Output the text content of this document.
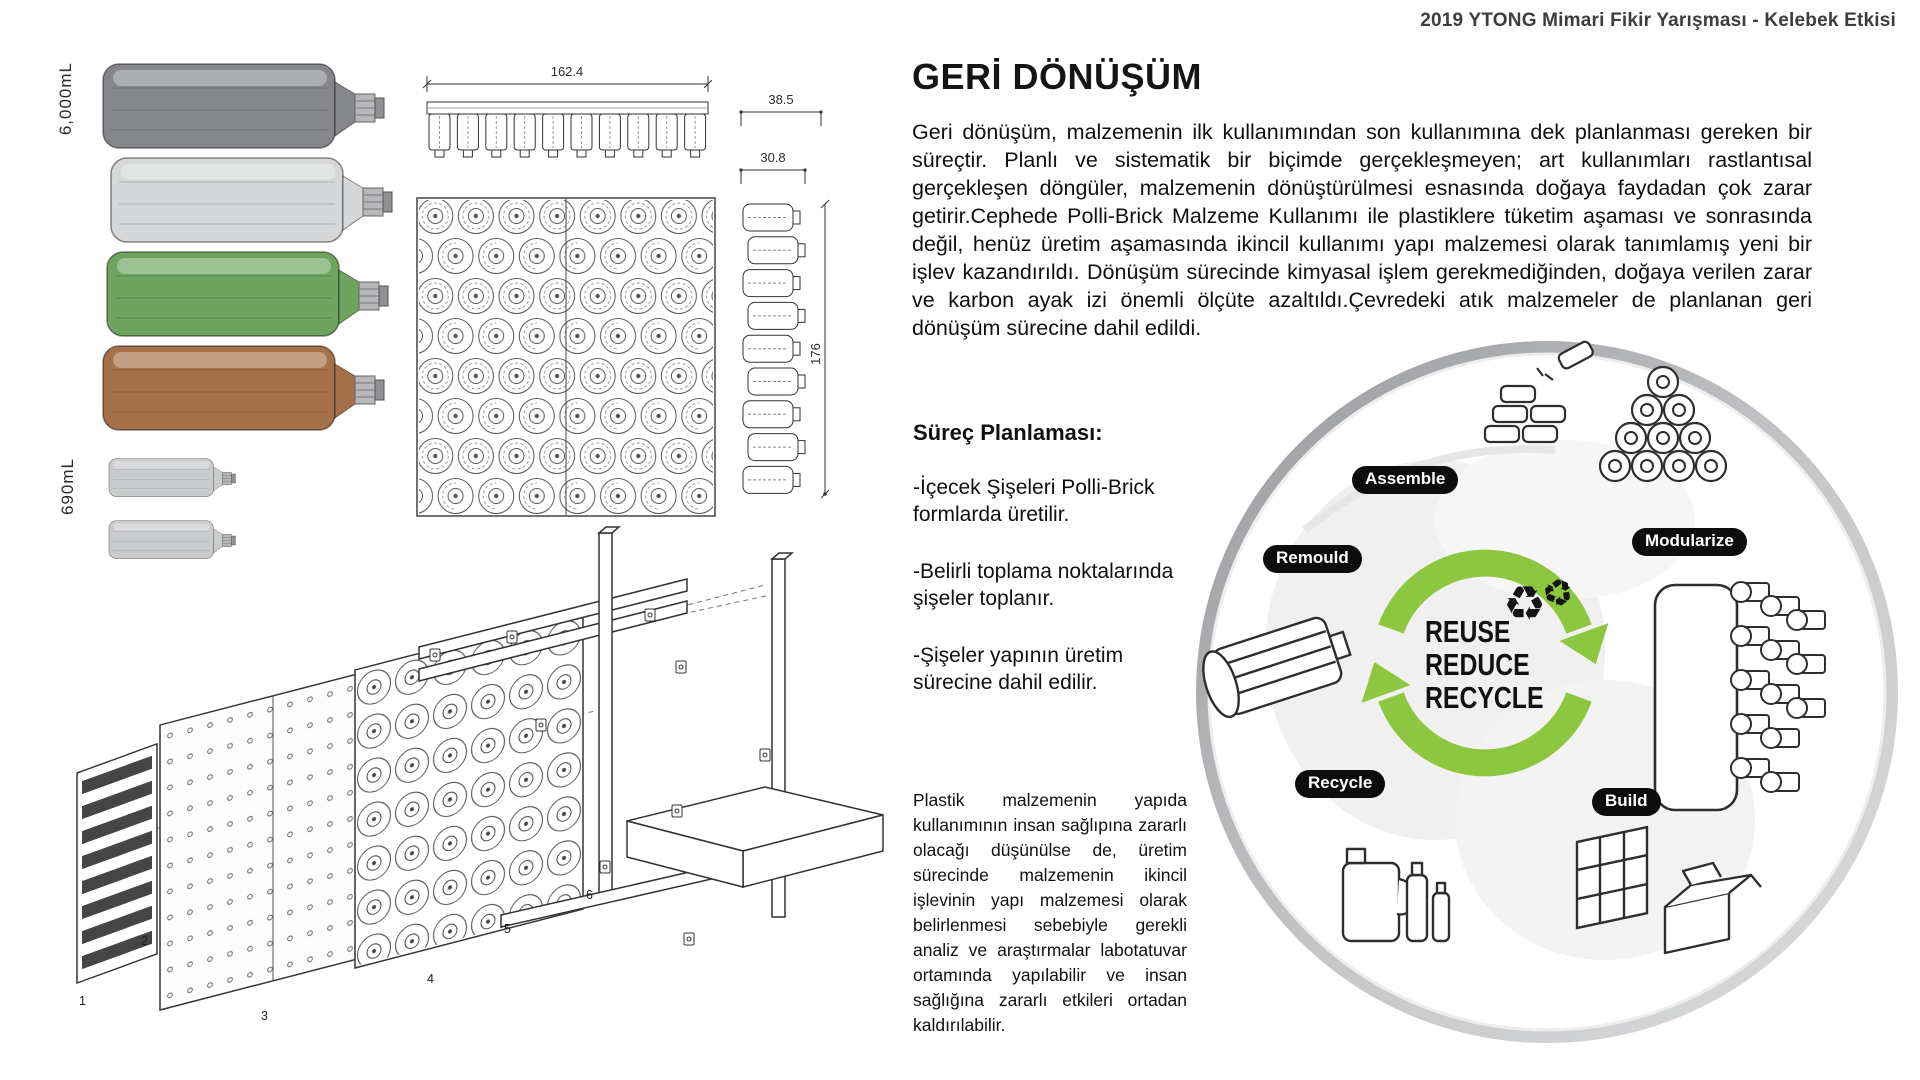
2019 YTONG Mimari Fikir Yarışması - Kelebek Etkisi
6,000mL
690mL
162.4
38.5
30.8
176
1
2
3
4
5
6
GERİ DÖNÜŞÜM

Geri dönüşüm, malzemenin ilk kullanımından son kullanımına dek planlanması gereken bir süreçtir. Planlı ve sistematik bir biçimde gerçekleşmeyen; art kullanımları rastlantısal gerçekleşen döngüler, malzemenin dönüştürülmesi esnasında doğaya faydadan çok zarar getirir.Cephede Polli-Brick Malzeme Kullanımı ile plastiklere tüketim aşaması ve sonrasında değil, henüz üretim aşamasında ikincil kullanımı yapı malzemesi olarak tanımlamış yeni bir işlev kazandırıldı. Dönüşüm sürecinde kimyasal işlem gerekmediğinden, doğaya verilen zarar ve karbon ayak izi önemli ölçüte azaltıldı.Çevredeki atık malzemeler de planlanan geri dönüşüm sürecine dahil edildi.

Süreç Planlaması:
-İçecek Şişeleri Polli-Brick formlarda üretilir.
-Belirli toplama noktalarında şişeler toplanır.
-Şişeler yapının üretim sürecine dahil edilir.

Plastik malzemenin yapıda kullanımının insan sağlıpına zararlı olacağı düşünülse de, üretim sürecinde malzemenin ikincil işlevinin yapı malzemesi olarak belirlenmesi sebebiyle gerekli analiz ve araştırmalar labotatuvar ortamında yapılabilir ve insan sağlığına zararlı etkileri ortadan kaldırılabilir.

Assemble
Remould
Modularize
Recycle
Build
♻♻
REUSE
REDUCE
RECYCLE
